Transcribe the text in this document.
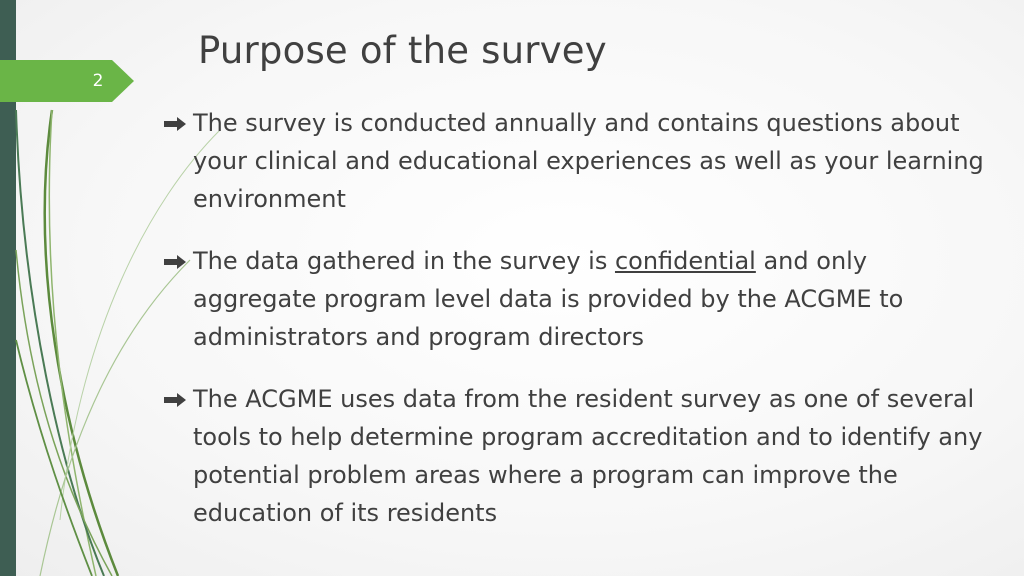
2
Purpose of the survey
The survey is conducted annually and contains questions about your clinical and educational experiences as well as your learning environment
The data gathered in the survey is confidential and only aggregate program level data is provided by the ACGME to administrators and program directors
The ACGME uses data from the resident survey as one of several tools to help determine program accreditation and to identify any potential problem areas where a program can improve the education of its residents
